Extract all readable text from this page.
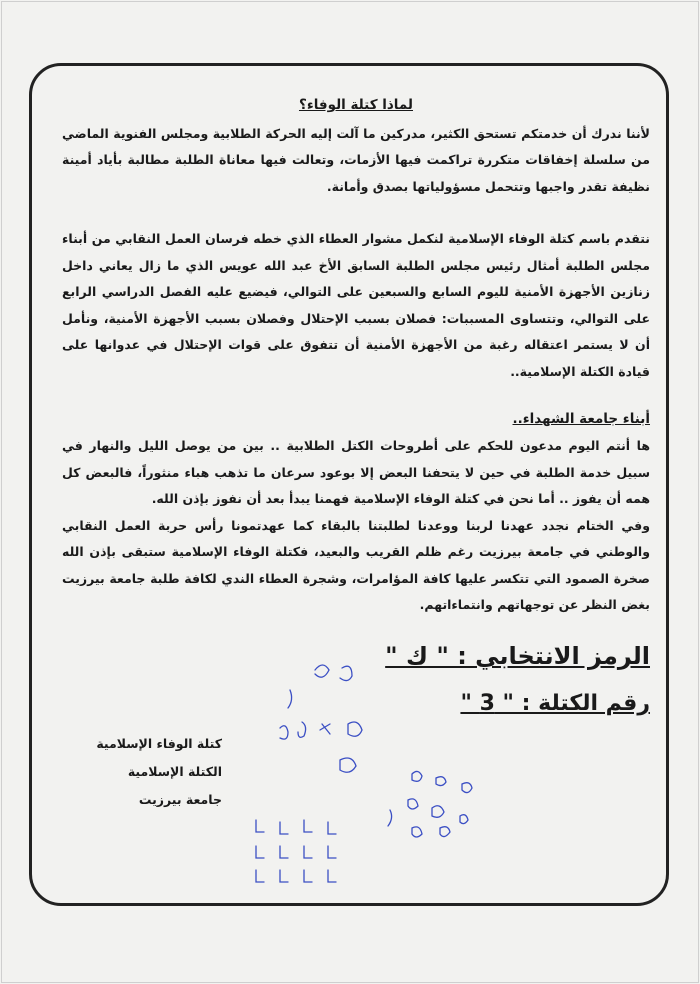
لماذا كتلة الوفاء؟

لأننا ندرك أن خدمتكم تستحق الكثير، مدركين ما آلت إليه الحركة الطلابية ومجلس الفنوية الماضي من سلسلة إخفاقات متكررة تراكمت فيها الأزمات، وتعالت فيها معاناة الطلبة مطالبة بأياد أمينة نظيفة تقدر واجبها وتتحمل مسؤولياتها بصدق وأمانة.

نتقدم باسم كتلة الوفاء الإسلامية لنكمل مشوار العطاء الذي خطه فرسان العمل النقابي من أبناء مجلس الطلبة أمثال رئيس مجلس الطلبة السابق الأخ عبد الله عويس الذي ما زال يعاني داخل زنازين الأجهزة الأمنية لليوم السابع والسبعين على التوالي، فيضيع عليه الفصل الدراسي الرابع على التوالي، وتتساوى المسببات: فصلان بسبب الإحتلال وفصلان بسبب الأجهزة الأمنية، ونأمل أن لا يستمر اعتقاله رغبة من الأجهزة الأمنية أن تتفوق على قوات الإحتلال في عدوانها على قيادة الكتلة الإسلامية..

أبناء جامعة الشهداء..

ها أنتم اليوم مدعون للحكم على أطروحات الكتل الطلابية .. بين من يوصل الليل والنهار في سبيل خدمة الطلبة في حين لا يتحفنا البعض إلا بوعود سرعان ما تذهب هباء منثوراً، فالبعض كل همه أن يفوز .. أما نحن في كتلة الوفاء الإسلامية فهمنا يبدأ بعد أن نفوز بإذن الله.

وفي الختام نجدد عهدنا لربنا ووعدنا لطلبتنا بالبقاء كما عهدتمونا رأس حربة العمل النقابي والوطني في جامعة بيرزيت رغم ظلم القريب والبعيد، فكتلة الوفاء الإسلامية ستبقى بإذن الله صخرة الصمود التي تتكسر عليها كافة المؤامرات، وشجرة العطاء الندي لكافة طلبة جامعة بيرزيت بغض النظر عن توجهاتهم وانتماءاتهم.

الرمز الانتخابي : " ك "
رقم الكتلة : " 3 "
كتلة الوفاء الإسلامية
الكتلة الإسلامية
جامعة بيرزيت
